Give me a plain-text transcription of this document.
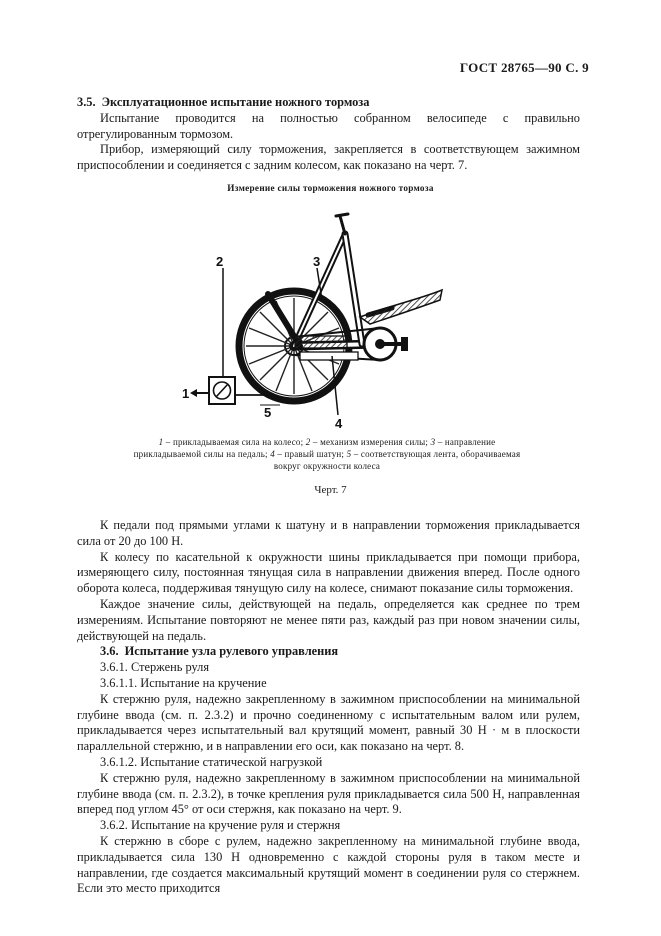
ГОСТ 28765—90 С. 9

3.5. Эксплуатационное испытание ножного тормоза

Испытание проводится на полностью собранном велосипеде с правильно отрегулированным тормозом.

Прибор, измеряющий силу торможения, закрепляется в соответствующем зажимном приспособлении и соединяется с задним колесом, как показано на черт. 7.

Измерение силы торможения ножного тормоза
1
2	3
4
5
1 – прикладываемая сила на колесо; 2 – механизм измерения силы; 3 – направление прикладываемой силы на педаль; 4 – правый шатун; 5 – соответствующая лента, оборачиваемая вокруг окружности колеса
Черт. 7

К педали под прямыми углами к шатуну и в направлении торможения прикладывается сила от 20 до 100 Н.

К колесу по касательной к окружности шины прикладывается при помощи прибора, измеряющего силу, постоянная тянущая сила в направлении движения вперед. После одного оборота колеса, поддерживая тянущую силу на колесе, снимают показание силы торможения.

Каждое значение силы, действующей на педаль, определяется как среднее по трем измерениям. Испытание повторяют не менее пяти раз, каждый раз при новом значении силы, действующей на педаль.

3.6. Испытание узла рулевого управления

3.6.1. Стержень руля

3.6.1.1. Испытание на кручение

К стержню руля, надежно закрепленному в зажимном приспособлении на минимальной глубине ввода (см. п. 2.3.2) и прочно соединенному с испытательным валом или рулем, прикладывается через испытательный вал крутящий момент, равный 30 Н · м в плоскости параллельной стержню, и в направлении его оси, как показано на черт. 8.

3.6.1.2. Испытание статической нагрузкой

К стержню руля, надежно закрепленному в зажимном приспособлении на минимальной глубине ввода (см. п. 2.3.2), в точке крепления руля прикладывается сила 500 Н, направленная вперед под углом 45° от оси стержня, как показано на черт. 9.

3.6.2. Испытание на кручение руля и стержня

К стержню в сборе с рулем, надежно закрепленному на минимальной глубине ввода, прикладывается сила 130 Н одновременно с каждой стороны руля в таком месте и направлении, где создается максимальный крутящий момент в соединении руля со стержнем. Если это место приходится
